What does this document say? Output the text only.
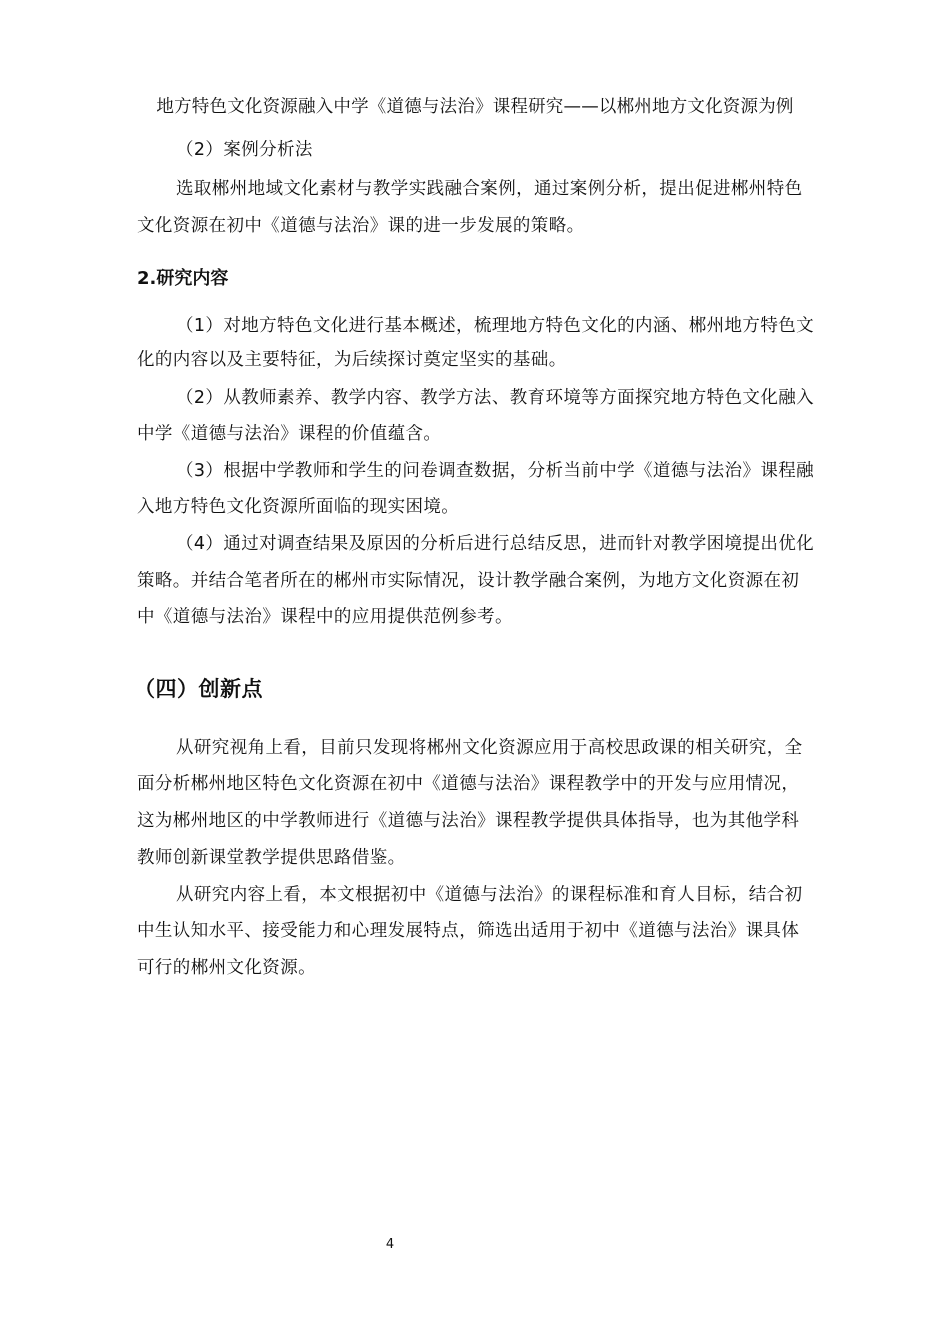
地方特色文化资源融入中学《道德与法治》课程研究——以郴州地方文化资源为例
（2）案例分析法
选取郴州地域文化素材与教学实践融合案例，通过案例分析，提出促进郴州特色
文化资源在初中《道德与法治》课的进一步发展的策略。
2.研究内容
（1）对地方特色文化进行基本概述，梳理地方特色文化的内涵、郴州地方特色文
化的内容以及主要特征，为后续探讨奠定坚实的基础。
（2）从教师素养、教学内容、教学方法、教育环境等方面探究地方特色文化融入
中学《道德与法治》课程的价值蕴含。
（3）根据中学教师和学生的问卷调查数据，分析当前中学《道德与法治》课程融
入地方特色文化资源所面临的现实困境。
（4）通过对调查结果及原因的分析后进行总结反思，进而针对教学困境提出优化
策略。并结合笔者所在的郴州市实际情况，设计教学融合案例，为地方文化资源在初
中《道德与法治》课程中的应用提供范例参考。
（四）创新点
从研究视角上看，目前只发现将郴州文化资源应用于高校思政课的相关研究，全
面分析郴州地区特色文化资源在初中《道德与法治》课程教学中的开发与应用情况，
这为郴州地区的中学教师进行《道德与法治》课程教学提供具体指导，也为其他学科
教师创新课堂教学提供思路借鉴。
从研究内容上看，本文根据初中《道德与法治》的课程标准和育人目标，结合初
中生认知水平、接受能力和心理发展特点，筛选出适用于初中《道德与法治》课具体
可行的郴州文化资源。
4
